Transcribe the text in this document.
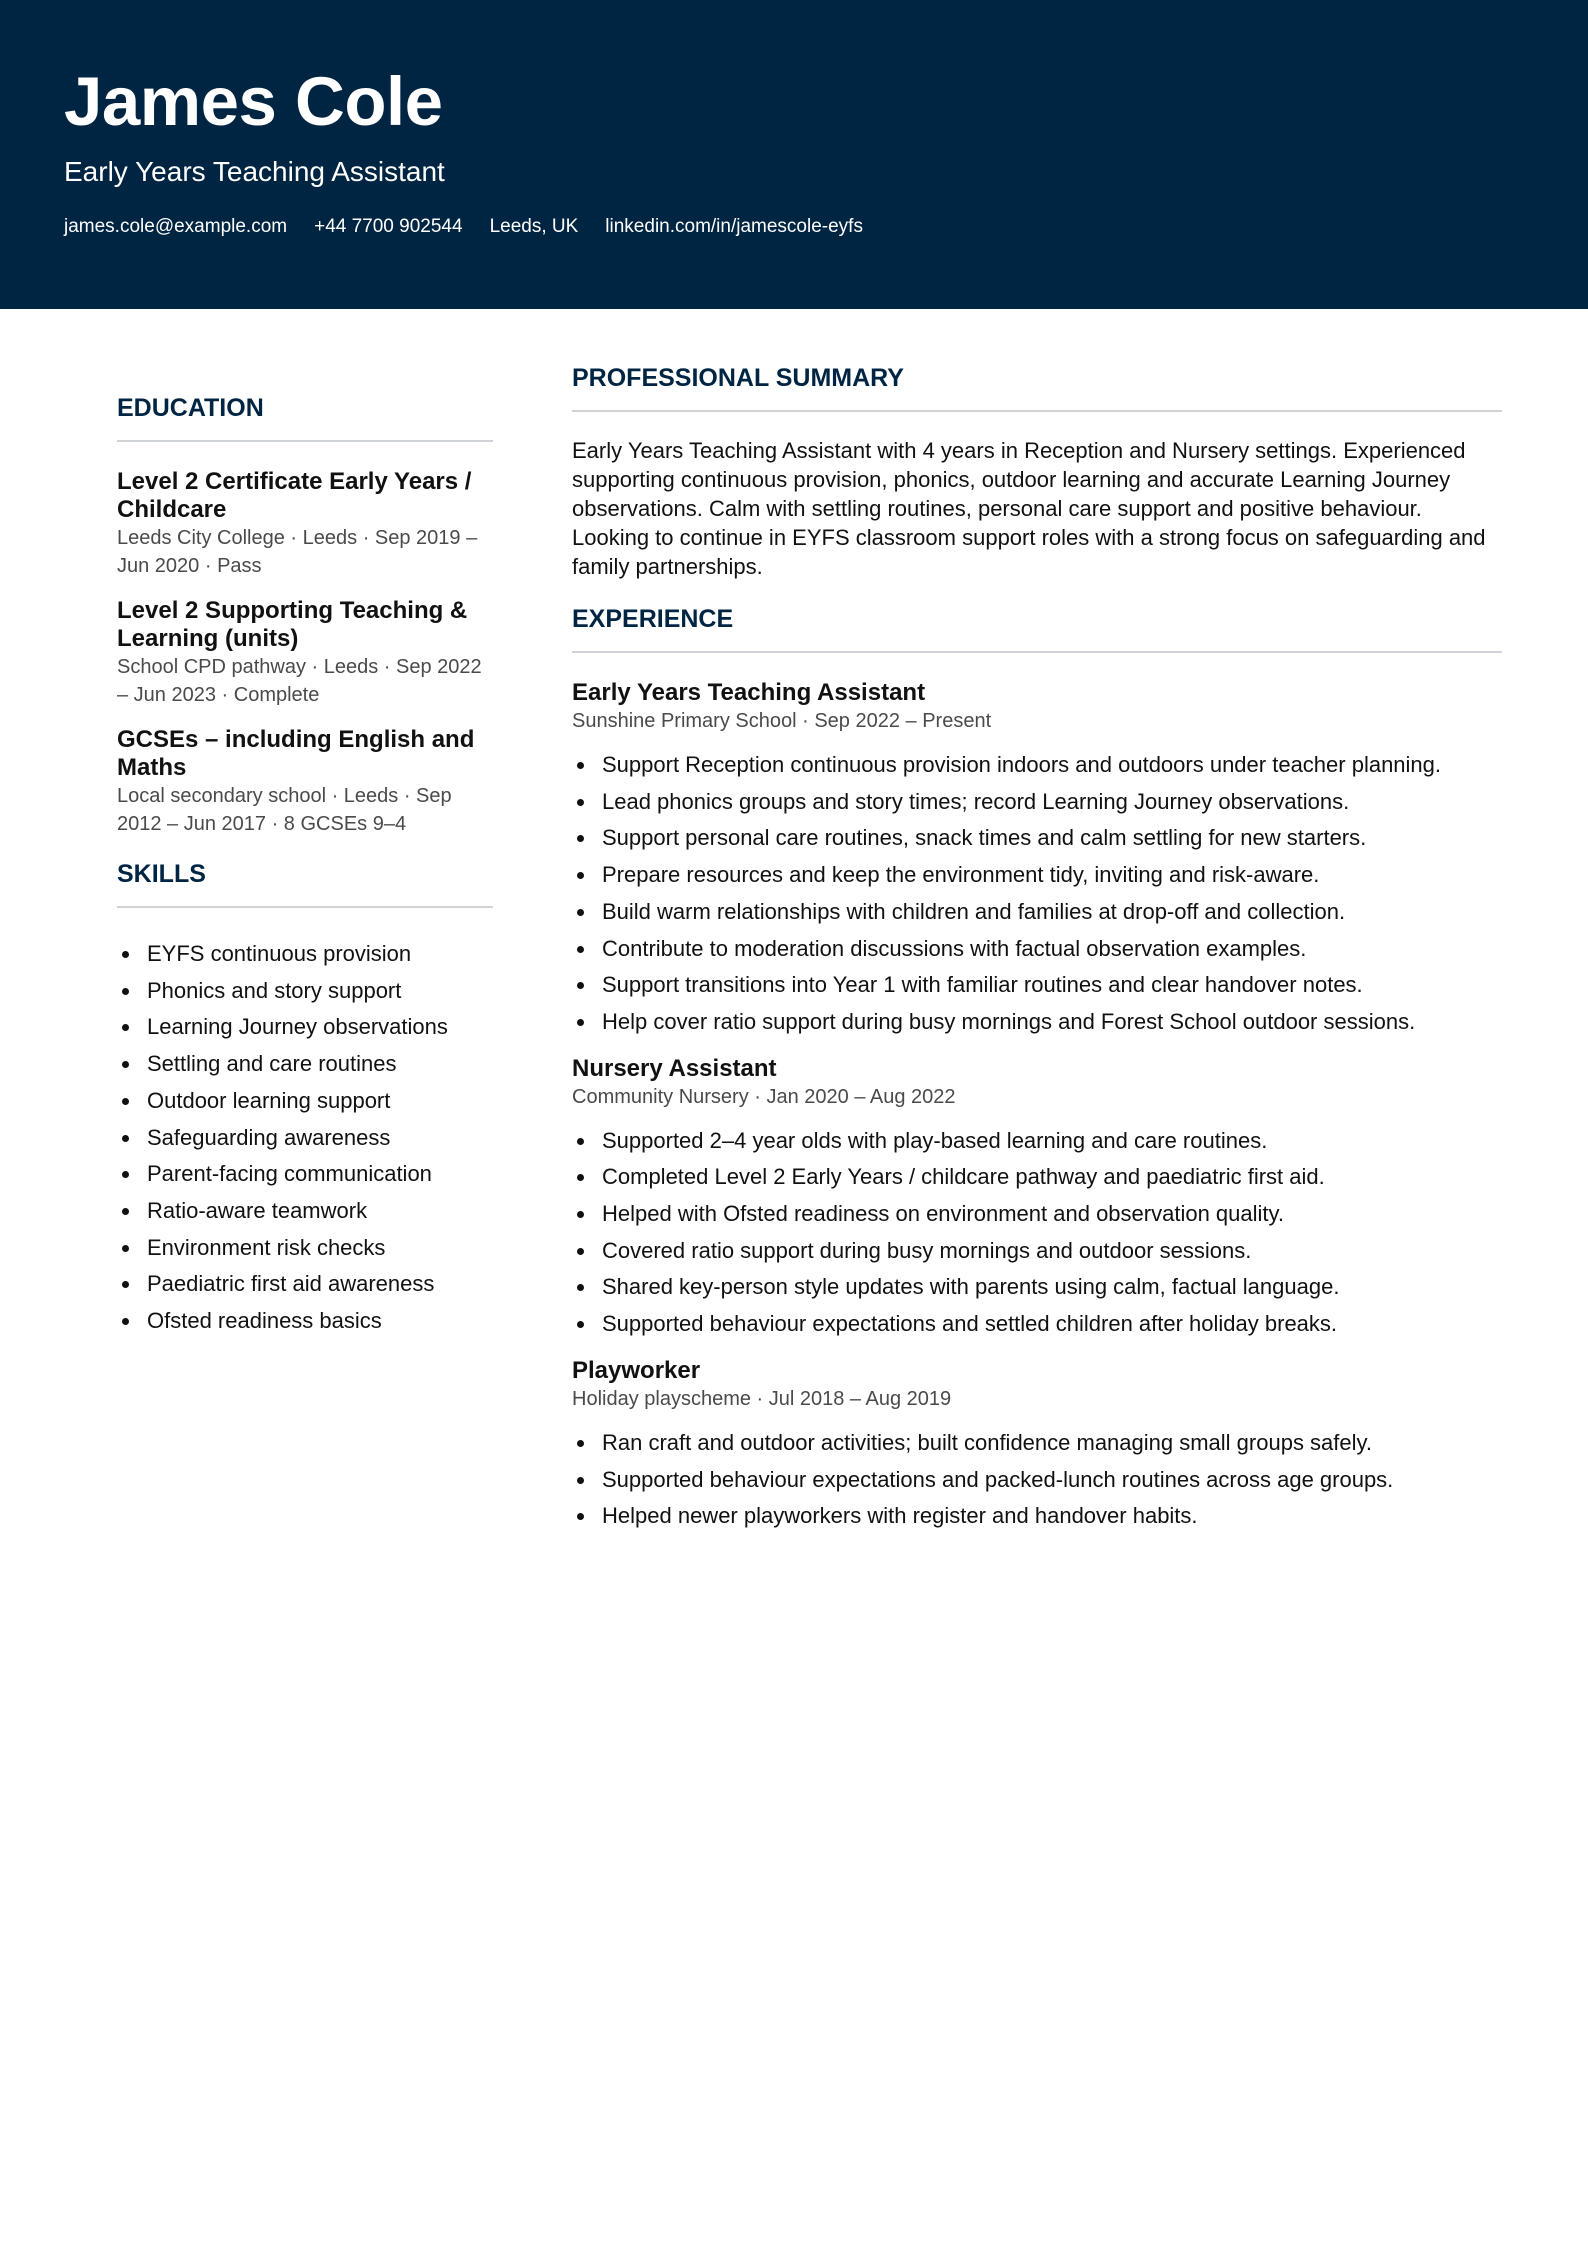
James Cole
Early Years Teaching Assistant
james.cole@example.com +44 7700 902544 Leeds, UK linkedin.com/in/jamescole-eyfs
EDUCATION
Level 2 Certificate Early Years / Childcare
Leeds City College · Leeds · Sep 2019 – Jun 2020 · Pass
Level 2 Supporting Teaching & Learning (units)
School CPD pathway · Leeds · Sep 2022 – Jun 2023 · Complete
GCSEs – including English and Maths
Local secondary school · Leeds · Sep 2012 – Jun 2017 · 8 GCSEs 9–4
SKILLS
EYFS continuous provision
Phonics and story support
Learning Journey observations
Settling and care routines
Outdoor learning support
Safeguarding awareness
Parent-facing communication
Ratio-aware teamwork
Environment risk checks
Paediatric first aid awareness
Ofsted readiness basics
PROFESSIONAL SUMMARY
Early Years Teaching Assistant with 4 years in Reception and Nursery settings. Experienced supporting continuous provision, phonics, outdoor learning and accurate Learning Journey observations. Calm with settling routines, personal care support and positive behaviour. Looking to continue in EYFS classroom support roles with a strong focus on safeguarding and family partnerships.
EXPERIENCE
Early Years Teaching Assistant
Sunshine Primary School · Sep 2022 – Present
Support Reception continuous provision indoors and outdoors under teacher planning.
Lead phonics groups and story times; record Learning Journey observations.
Support personal care routines, snack times and calm settling for new starters.
Prepare resources and keep the environment tidy, inviting and risk-aware.
Build warm relationships with children and families at drop-off and collection.
Contribute to moderation discussions with factual observation examples.
Support transitions into Year 1 with familiar routines and clear handover notes.
Help cover ratio support during busy mornings and Forest School outdoor sessions.
Nursery Assistant
Community Nursery · Jan 2020 – Aug 2022
Supported 2–4 year olds with play-based learning and care routines.
Completed Level 2 Early Years / childcare pathway and paediatric first aid.
Helped with Ofsted readiness on environment and observation quality.
Covered ratio support during busy mornings and outdoor sessions.
Shared key-person style updates with parents using calm, factual language.
Supported behaviour expectations and settled children after holiday breaks.
Playworker
Holiday playscheme · Jul 2018 – Aug 2019
Ran craft and outdoor activities; built confidence managing small groups safely.
Supported behaviour expectations and packed-lunch routines across age groups.
Helped newer playworkers with register and handover habits.
